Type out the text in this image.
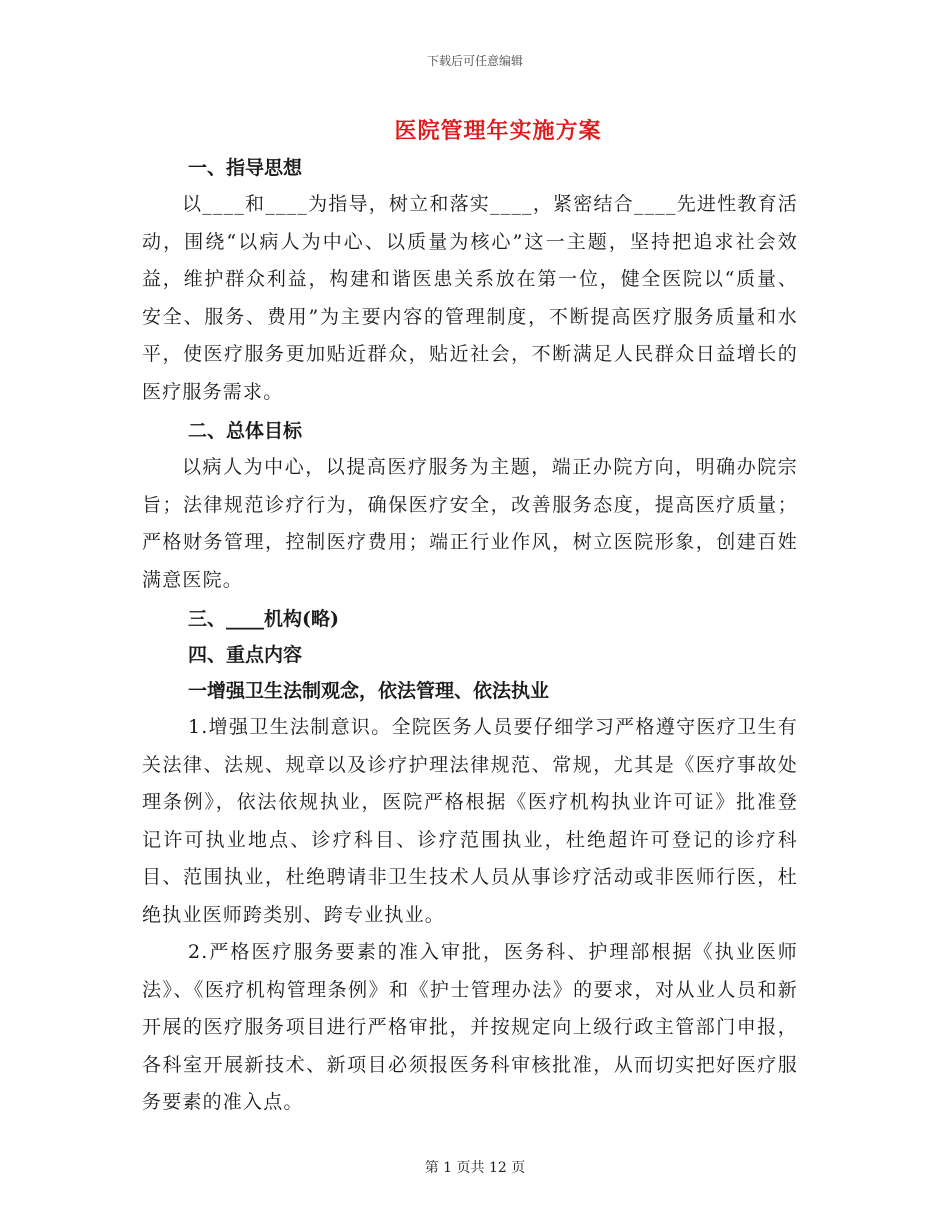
下载后可任意编辑
医院管理年实施方案

一、指导思想

以____和____为指导，树立和落实____，紧密结合____先进性教育活动，围绕“以病人为中心、以质量为核心”这一主题，坚持把追求社会效益，维护群众利益，构建和谐医患关系放在第一位，健全医院以“质量、安全、服务、费用”为主要内容的管理制度，不断提高医疗服务质量和水平，使医疗服务更加贴近群众，贴近社会，不断满足人民群众日益增长的医疗服务需求。

二、总体目标

以病人为中心，以提高医疗服务为主题，端正办院方向，明确办院宗旨；法律规范诊疗行为，确保医疗安全，改善服务态度，提高医疗质量；严格财务管理，控制医疗费用；端正行业作风，树立医院形象，创建百姓满意医院。

三、____机构(略)

四、重点内容

一增强卫生法制观念，依法管理、依法执业

1.增强卫生法制意识。全院医务人员要仔细学习严格遵守医疗卫生有关法律、法规、规章以及诊疗护理法律规范、常规，尤其是《医疗事故处理条例》，依法依规执业，医院严格根据《医疗机构执业许可证》批准登记许可执业地点、诊疗科目、诊疗范围执业，杜绝超许可登记的诊疗科目、范围执业，杜绝聘请非卫生技术人员从事诊疗活动或非医师行医，杜绝执业医师跨类别、跨专业执业。

2.严格医疗服务要素的准入审批，医务科、护理部根据《执业医师法》、《医疗机构管理条例》和《护士管理办法》的要求，对从业人员和新开展的医疗服务项目进行严格审批，并按规定向上级行政主管部门申报，各科室开展新技术、新项目必须报医务科审核批准，从而切实把好医疗服务要素的准入点。

第 1 页共 12 页
